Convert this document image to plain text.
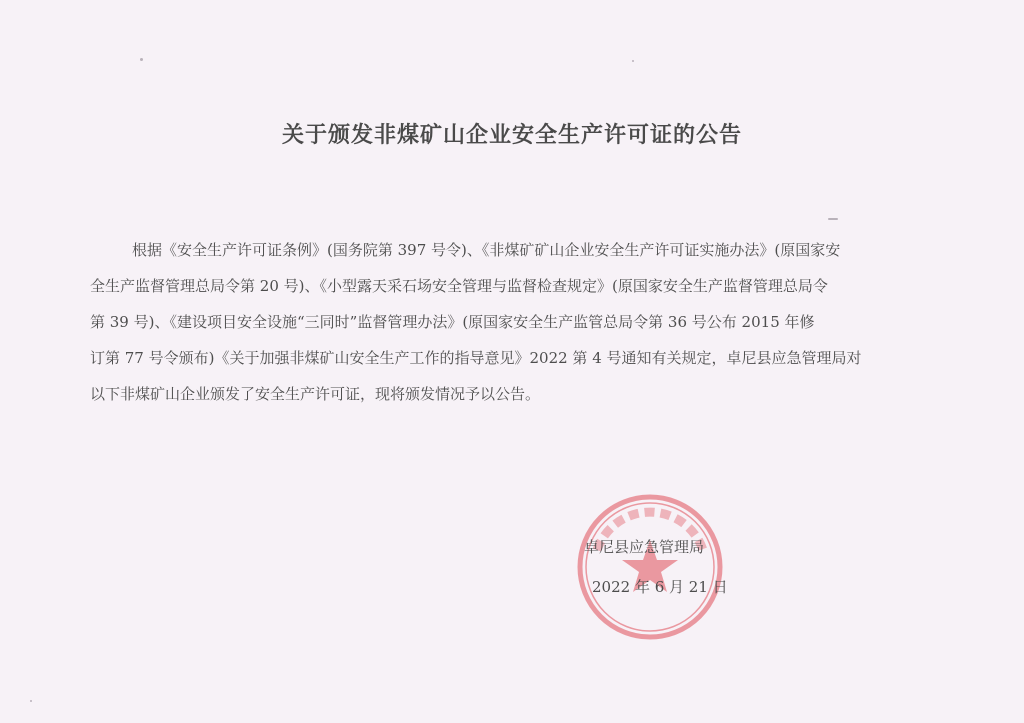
关于颁发非煤矿山企业安全生产许可证的公告
根据《安全生产许可证条例》(国务院第 397 号令)、《非煤矿矿山企业安全生产许可证实施办法》(原国家安
全生产监督管理总局令第 20 号)、《小型露天采石场安全管理与监督检查规定》(原国家安全生产监督管理总局令
第 39 号)、《建设项目安全设施“三同时”监督管理办法》(原国家安全生产监管总局令第 36 号公布 2015 年修
订第 77 号令颁布)《关于加强非煤矿山安全生产工作的指导意见》2022 第 4 号通知有关规定，卓尼县应急管理局对
以下非煤矿山企业颁发了安全生产许可证，现将颁发情况予以公告。
卓尼县应急管理局
2022 年 6 月 21 日
